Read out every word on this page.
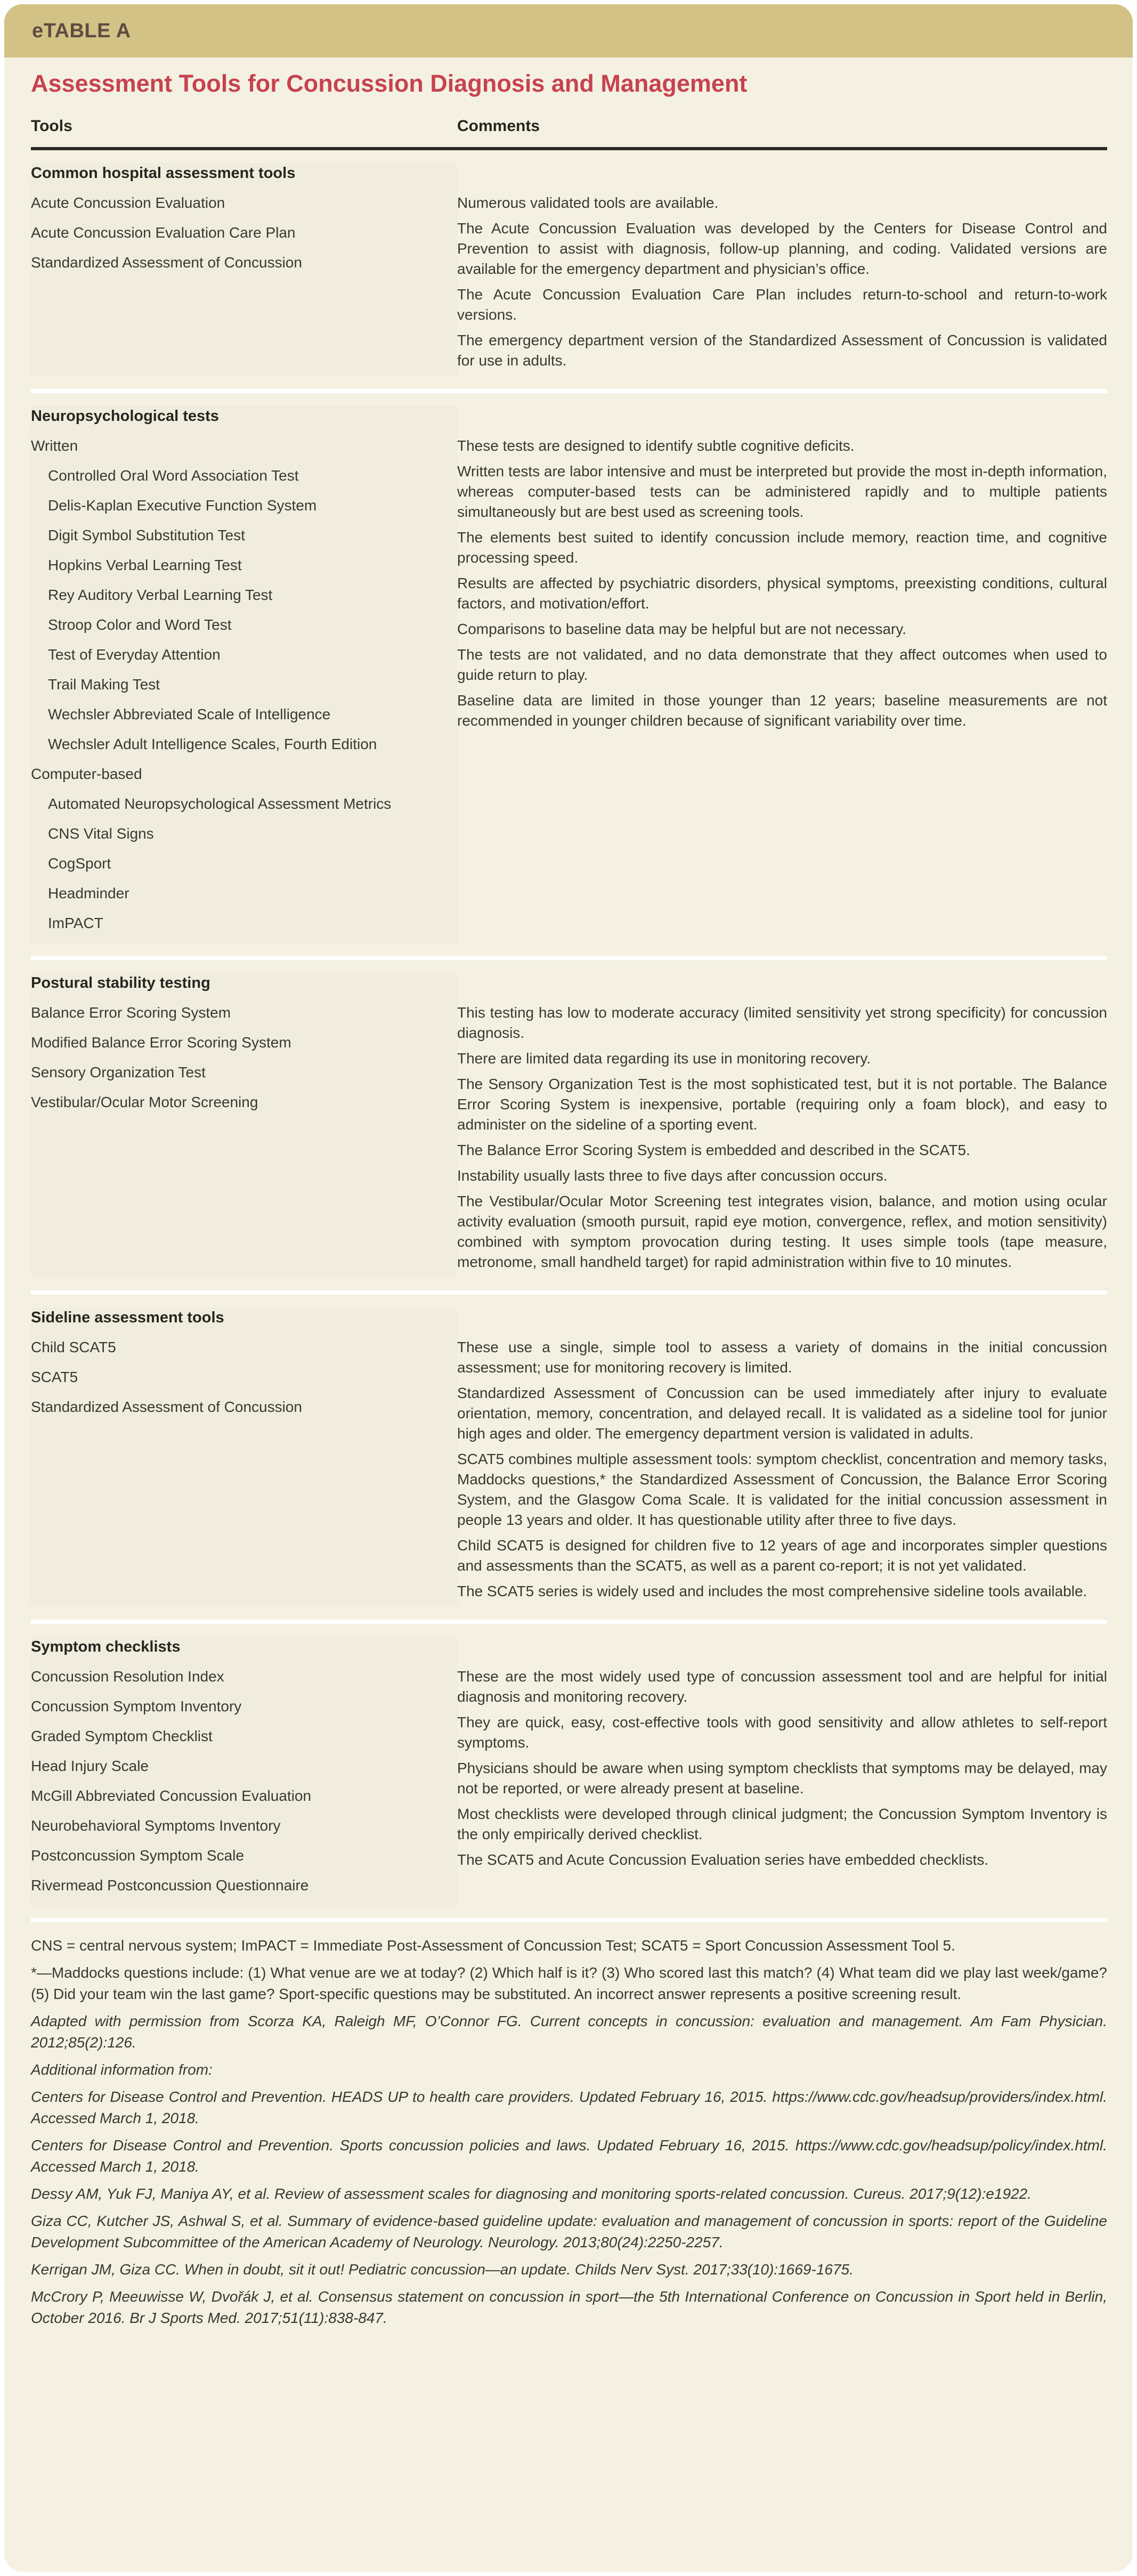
eTABLE A
Assessment Tools for Concussion Diagnosis and Management
Tools	Comments
Common hospital assessment tools
Acute Concussion Evaluation
Acute Concussion Evaluation Care Plan
Standardized Assessment of Concussion

Numerous validated tools are available.

The Acute Concussion Evaluation was developed by the Centers for Disease Control and Prevention to assist with diagnosis, follow-up planning, and coding. Validated versions are available for the emergency department and physician’s office.

The Acute Concussion Evaluation Care Plan includes return-to-school and return-to-work versions.

The emergency department version of the Standardized Assessment of Concussion is validated for use in adults.

Neuropsychological tests
Written
Controlled Oral Word Association Test
Delis-Kaplan Executive Function System
Digit Symbol Substitution Test
Hopkins Verbal Learning Test
Rey Auditory Verbal Learning Test
Stroop Color and Word Test
Test of Everyday Attention
Trail Making Test
Wechsler Abbreviated Scale of Intelligence
Wechsler Adult Intelligence Scales, Fourth Edition
Computer-based
Automated Neuropsychological Assessment Metrics
CNS Vital Signs
CogSport
Headminder
ImPACT

These tests are designed to identify subtle cognitive deficits.

Written tests are labor intensive and must be interpreted but provide the most in-depth information, whereas computer-based tests can be administered rapidly and to multiple patients simultaneously but are best used as screening tools.

The elements best suited to identify concussion include memory, reaction time, and cognitive processing speed.

Results are affected by psychiatric disorders, physical symptoms, preexisting conditions, cultural factors, and motivation/effort.

Comparisons to baseline data may be helpful but are not necessary.

The tests are not validated, and no data demonstrate that they affect outcomes when used to guide return to play.

Baseline data are limited in those younger than 12 years; baseline measurements are not recommended in younger children because of significant variability over time.

Postural stability testing
Balance Error Scoring System
Modified Balance Error Scoring System
Sensory Organization Test
Vestibular/Ocular Motor Screening

This testing has low to moderate accuracy (limited sensitivity yet strong specificity) for concussion diagnosis.

There are limited data regarding its use in monitoring recovery.

The Sensory Organization Test is the most sophisticated test, but it is not portable. The Balance Error Scoring System is inexpensive, portable (requiring only a foam block), and easy to administer on the sideline of a sporting event.

The Balance Error Scoring System is embedded and described in the SCAT5.

Instability usually lasts three to five days after concussion occurs.

The Vestibular/Ocular Motor Screening test integrates vision, balance, and motion using ocular activity evaluation (smooth pursuit, rapid eye motion, convergence, reflex, and motion sensitivity) combined with symptom provocation during testing. It uses simple tools (tape measure, metronome, small handheld target) for rapid administration within five to 10 minutes.

Sideline assessment tools
Child SCAT5
SCAT5
Standardized Assessment of Concussion

These use a single, simple tool to assess a variety of domains in the initial concussion assessment; use for monitoring recovery is limited.

Standardized Assessment of Concussion can be used immediately after injury to evaluate orientation, memory, concentration, and delayed recall. It is validated as a sideline tool for junior high ages and older. The emergency department version is validated in adults.

SCAT5 combines multiple assessment tools: symptom checklist, concentration and memory tasks, Maddocks questions,* the Standardized Assessment of Concussion, the Balance Error Scoring System, and the Glasgow Coma Scale. It is validated for the initial concussion assessment in people 13 years and older. It has questionable utility after three to five days.

Child SCAT5 is designed for children five to 12 years of age and incorporates simpler questions and assessments than the SCAT5, as well as a parent co-report; it is not yet validated.

The SCAT5 series is widely used and includes the most comprehensive sideline tools available.

Symptom checklists
Concussion Resolution Index
Concussion Symptom Inventory
Graded Symptom Checklist
Head Injury Scale
McGill Abbreviated Concussion Evaluation
Neurobehavioral Symptoms Inventory
Postconcussion Symptom Scale
Rivermead Postconcussion Questionnaire

These are the most widely used type of concussion assessment tool and are helpful for initial diagnosis and monitoring recovery.

They are quick, easy, cost-effective tools with good sensitivity and allow athletes to self-report symptoms.

Physicians should be aware when using symptom checklists that symptoms may be delayed, may not be reported, or were already present at baseline.

Most checklists were developed through clinical judgment; the Concussion Symptom Inventory is the only empirically derived checklist.

The SCAT5 and Acute Concussion Evaluation series have embedded checklists.

CNS = central nervous system; ImPACT = Immediate Post-Assessment of Concussion Test; SCAT5 = Sport Concussion Assessment Tool 5.

*—Maddocks questions include: (1) What venue are we at today? (2) Which half is it? (3) Who scored last this match? (4) What team did we play last week/game? (5) Did your team win the last game? Sport-specific questions may be substituted. An incorrect answer represents a positive screening result.

Adapted with permission from Scorza KA, Raleigh MF, O’Connor FG. Current concepts in concussion: evaluation and management. Am Fam Physician. 2012;85(2):126.

Additional information from:

Centers for Disease Control and Prevention. HEADS UP to health care providers. Updated February 16, 2015. https://www.cdc.gov/headsup/providers/index.html. Accessed March 1, 2018.

Centers for Disease Control and Prevention. Sports concussion policies and laws. Updated February 16, 2015. https://www.cdc.gov/headsup/policy/index.html. Accessed March 1, 2018.

Dessy AM, Yuk FJ, Maniya AY, et al. Review of assessment scales for diagnosing and monitoring sports-related concussion. Cureus. 2017;9(12):e1922.

Giza CC, Kutcher JS, Ashwal S, et al. Summary of evidence-based guideline update: evaluation and management of concussion in sports: report of the Guideline Development Subcommittee of the American Academy of Neurology. Neurology. 2013;80(24):2250-2257.

Kerrigan JM, Giza CC. When in doubt, sit it out! Pediatric concussion—an update. Childs Nerv Syst. 2017;33(10):1669-1675.

McCrory P, Meeuwisse W, Dvořák J, et al. Consensus statement on concussion in sport—the 5th International Conference on Concussion in Sport held in Berlin, October 2016. Br J Sports Med. 2017;51(11):838-847.
